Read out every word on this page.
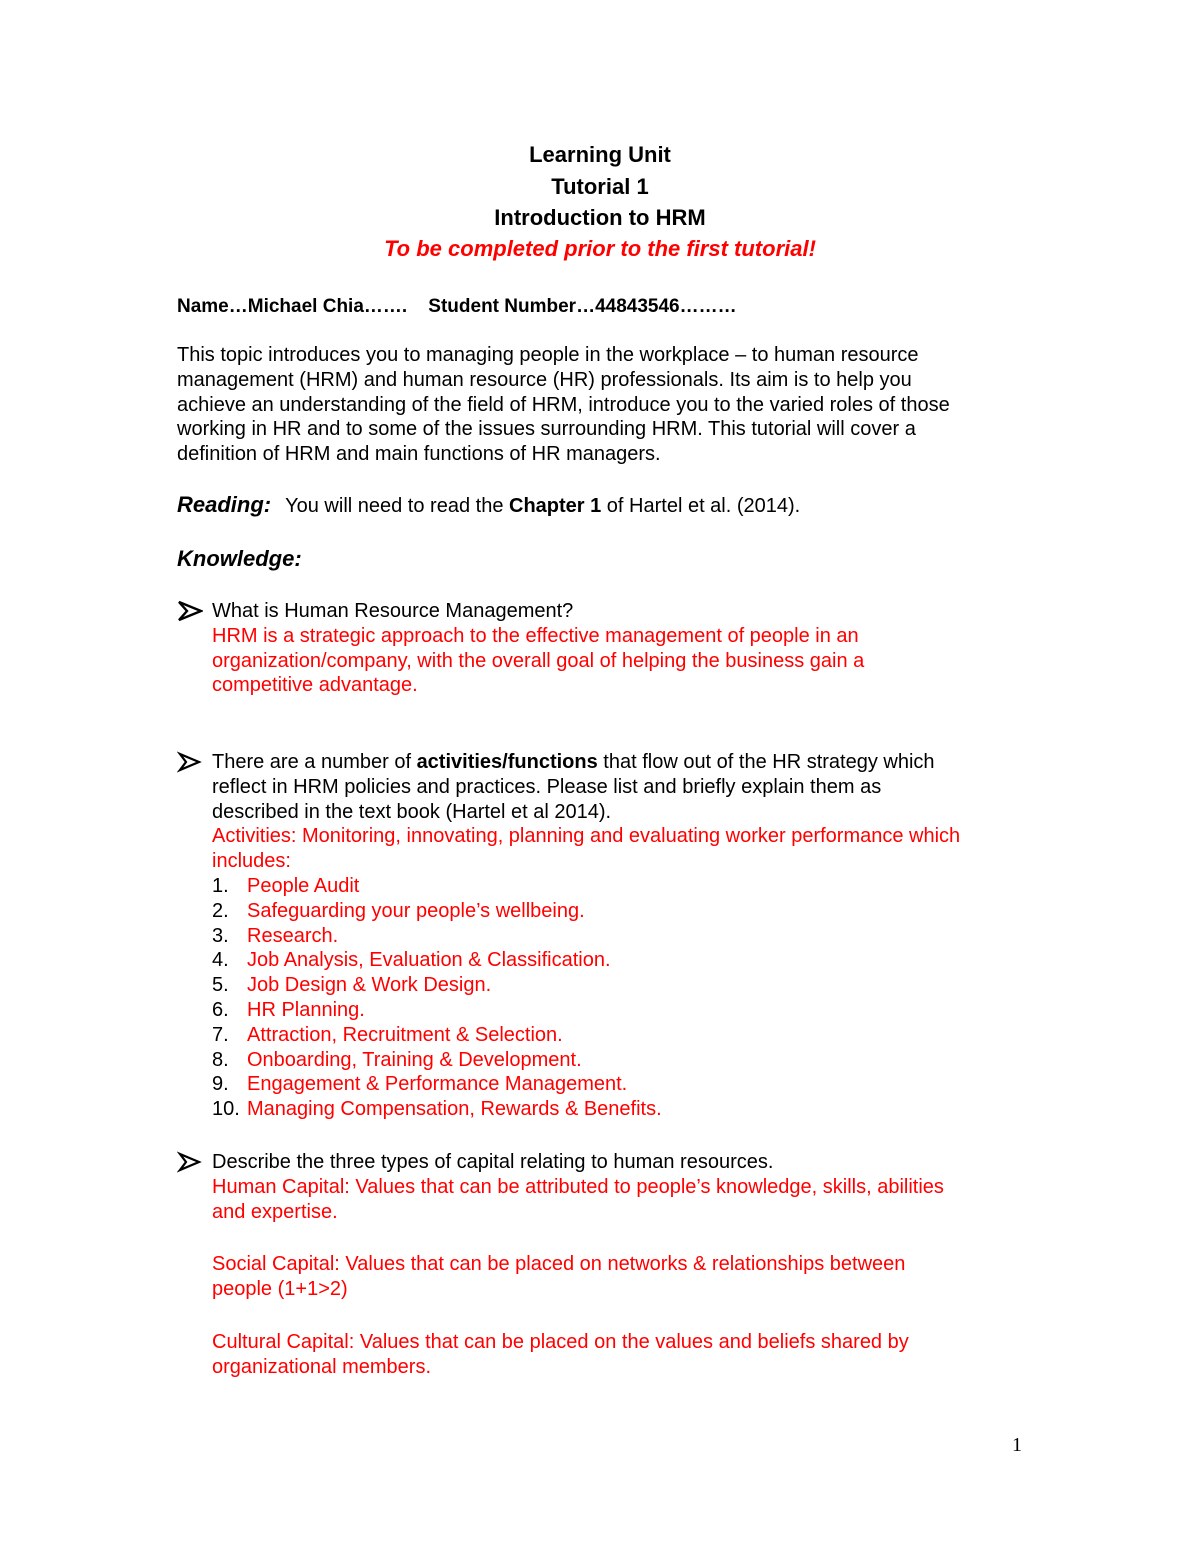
Learning Unit
Tutorial 1
Introduction to HRM
To be completed prior to the first tutorial!
Name…Michael Chia…….    Student Number…44843546………
This topic introduces you to managing people in the workplace – to human resource
management (HRM) and human resource (HR) professionals. Its aim is to help you
achieve an understanding of the field of HRM, introduce you to the varied roles of those
working in HR and to some of the issues surrounding HRM. This tutorial will cover a
definition of HRM and main functions of HR managers.
Reading: You will need to read the Chapter 1 of Hartel et al. (2014).
Knowledge:
What is Human Resource Management?
HRM is a strategic approach to the effective management of people in an
organization/company, with the overall goal of helping the business gain a
competitive advantage.
There are a number of activities/functions that flow out of the HR strategy which
reflect in HRM policies and practices. Please list and briefly explain them as
described in the text book (Hartel et al 2014).
Activities: Monitoring, innovating, planning and evaluating worker performance which
includes:
1. People Audit
2. Safeguarding your people’s wellbeing.
3. Research.
4. Job Analysis, Evaluation & Classification.
5. Job Design & Work Design.
6. HR Planning.
7. Attraction, Recruitment & Selection.
8. Onboarding, Training & Development.
9. Engagement & Performance Management.
10. Managing Compensation, Rewards & Benefits.
Describe the three types of capital relating to human resources.
Human Capital: Values that can be attributed to people’s knowledge, skills, abilities
and expertise.
Social Capital: Values that can be placed on networks & relationships between
people (1+1>2)
Cultural Capital: Values that can be placed on the values and beliefs shared by
organizational members.
1
